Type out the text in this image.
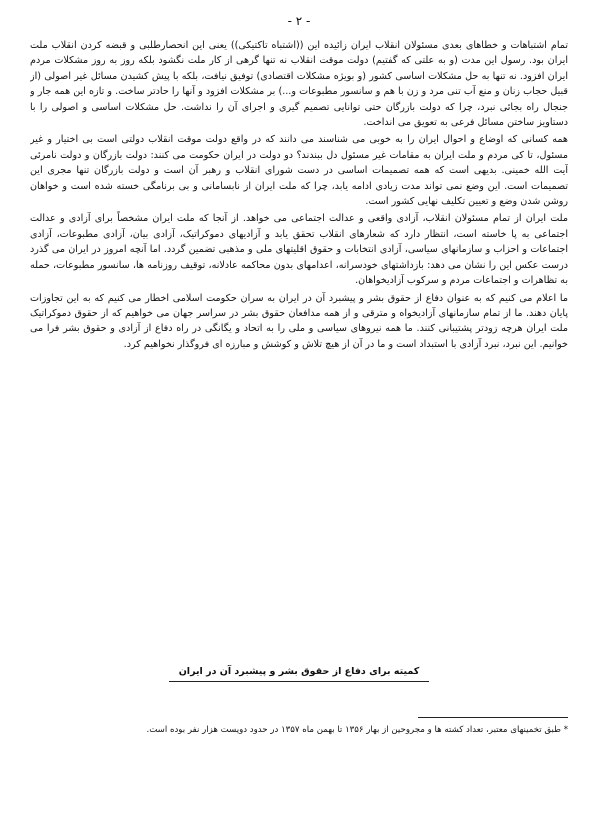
- ۲ -

تمام اشتباهات و خطاهای بعدی مسئولان انقلاب ایران زائیده این ((اشتباه تاکتیکی)) یعنی این انحصارطلبی و قبضه کردن انقلاب ملت ایران بود. رسول این مدت (و به علتی که گفتیم) دولت موقت انقلاب نه تنها گرهی از کار ملت نگشود بلکه روز به روز مشکلات مردم ایران افزود. نه تنها به حل مشکلات اساسی کشور (و بویژه مشکلات اقتصادی) توفیق نیافت، بلکه با پیش کشیدن مسائل غیر اصولی (از قبیل حجاب زنان و منع آب تنی مرد و زن با هم و سانسور مطبوعات و...) بر مشکلات افزود و آنها را حادتر ساخت. و تازه این همه جار و جنجال راه بجائی نبرد، چرا که دولت بازرگان حتی توانایی تصمیم گیری و اجرای آن را نداشت. حل مشکلات اساسی و اصولی را با دستاویز ساختن مسائل فرعی به تعویق می انداخت.

همه کسانی که اوضاع و احوال ایران را به خوبی می شناسند می دانند که در واقع دولت موقت انقلاب دولتی است بی اختیار و غیر مسئول، تا کی مردم و ملت ایران به مقامات غیر مسئول دل ببندند؟ دو دولت در ایران حکومت می کنند: دولت بازرگان و دولت نامرئی آیت الله خمینی. بدیهی است که همه تصمیمات اساسی در دست شورای انقلاب و رهبر آن است و دولت بازرگان تنها مجری این تصمیمات است. این وضع نمی تواند مدت زیادی ادامه یابد، چرا که ملت ایران از نابسامانی و بی برنامگی خسته شده است و خواهان روشن شدن وضع و تعیین تکلیف نهایی کشور است.

ملت ایران از تمام مسئولان انقلاب، آزادی واقعی و عدالت اجتماعی می خواهد. از آنجا که ملت ایران مشخصاً برای آزادی و عدالت اجتماعی به پا خاسته است، انتظار دارد که شعارهای انقلاب تحقق یابد و آزادیهای دموکراتیک، آزادی بیان، آزادی مطبوعات، آزادی اجتماعات و احزاب و سازمانهای سیاسی، آزادی انتخابات و حقوق اقلیتهای ملی و مذهبی تضمین گردد. اما آنچه امروز در ایران می گذرد درست عکس این را نشان می دهد: بازداشتهای خودسرانه، اعدامهای بدون محاکمه عادلانه، توقیف روزنامه ها، سانسور مطبوعات، حمله به تظاهرات و اجتماعات مردم و سرکوب آزادیخواهان.

ما اعلام می کنیم که به عنوان دفاع از حقوق بشر و پیشبرد آن در ایران به سران حکومت اسلامی اخطار می کنیم که به این تجاوزات پایان دهند. ما از تمام سازمانهای آزادیخواه و مترقی و از همه مدافعان حقوق بشر در سراسر جهان می خواهیم که از حقوق دموکراتیک ملت ایران هرچه زودتر پشتیبانی کنند. ما همه نیروهای سیاسی و ملی را به اتحاد و یگانگی در راه دفاع از آزادی و حقوق بشر فرا می خوانیم. این نبرد، نبرد آزادی با استبداد است و ما در آن از هیچ تلاش و کوشش و مبارزه ای فروگذار نخواهیم کرد.

کمیته برای دفاع از حقوق بشر و پیشبرد آن در ایران
* طبق تخمینهای معتبر، تعداد کشته ها و مجروحین از بهار ۱۳۵۶ تا بهمن ماه ۱۳۵۷ در حدود دویست هزار نفر بوده است.
